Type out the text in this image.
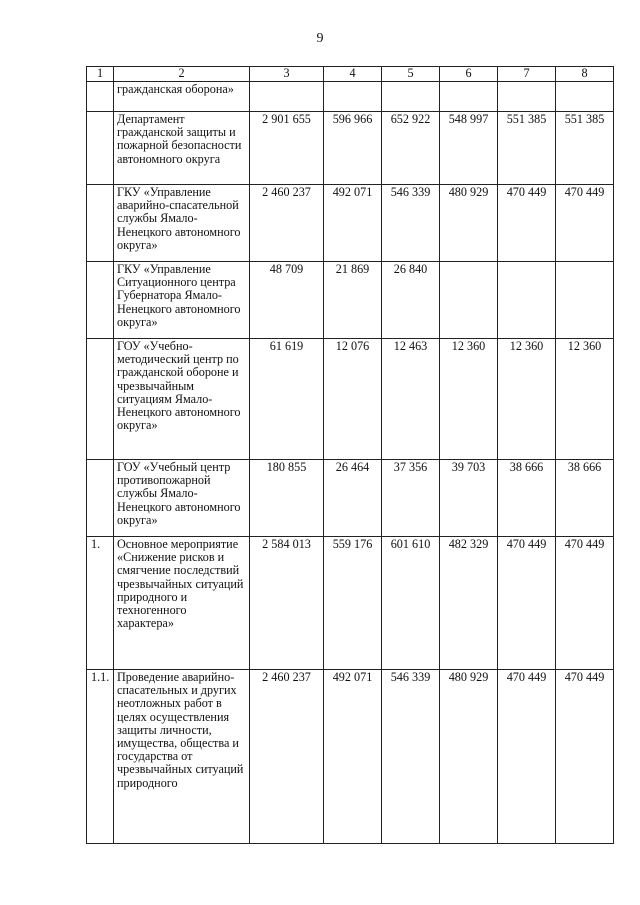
9
1	2	3	4	5	6	7	8
	гражданская оборона»						
	Департамент гражданской защиты и пожарной безопасности автономного округа	2 901 655	596 966	652 922	548 997	551 385	551 385
	ГКУ «Управление аварийно-спасательной службы Ямало-Ненецкого автономного округа»	2 460 237	492 071	546 339	480 929	470 449	470 449
	ГКУ «Управление Ситуационного центра Губернатора Ямало-Ненецкого автономного округа»	48 709	21 869	26 840			
	ГОУ «Учебно-методический центр по гражданской обороне и чрезвычайным ситуациям Ямало-Ненецкого автономного округа»	61 619	12 076	12 463	12 360	12 360	12 360
	ГОУ «Учебный центр противопожарной службы Ямало-Ненецкого автономного округа»	180 855	26 464	37 356	39 703	38 666	38 666
1.	Основное мероприятие «Снижение рисков и смягчение последствий чрезвычайных ситуаций природного и техногенного характера»	2 584 013	559 176	601 610	482 329	470 449	470 449
1.1.	Проведение аварийно-спасательных и других неотложных работ в целях осуществления защиты личности, имущества, общества и государства от чрезвычайных ситуаций природного	2 460 237	492 071	546 339	480 929	470 449	470 449
